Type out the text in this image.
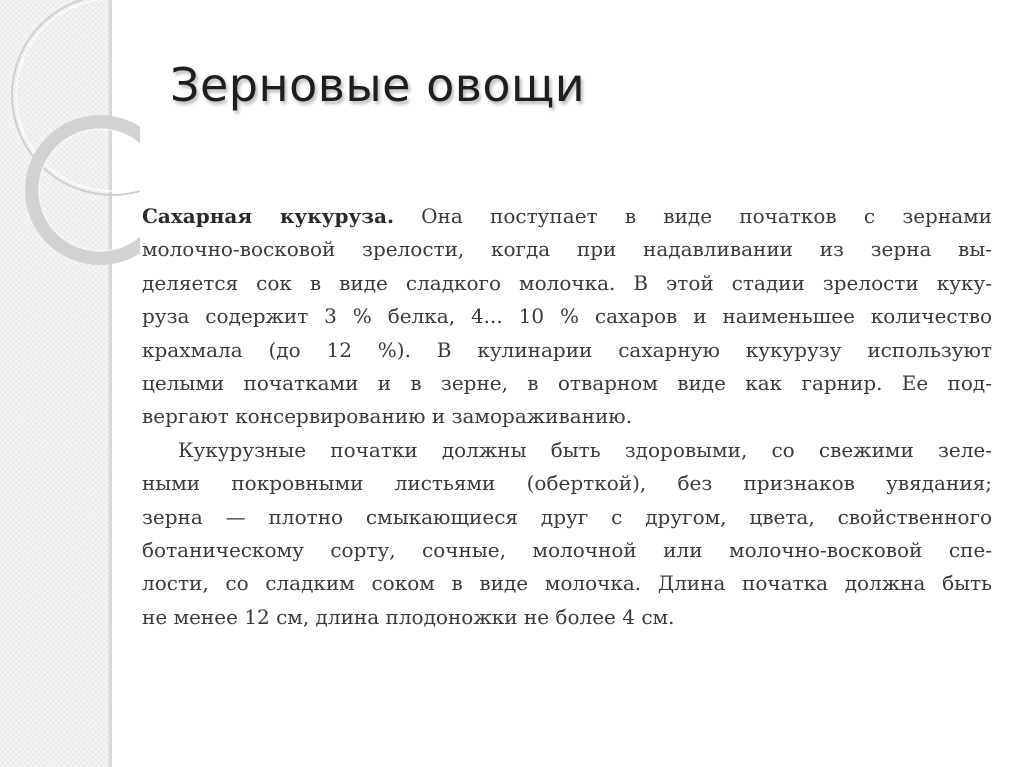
Зерновые овощи
Сахарная кукуруза. Она поступает в виде початков с зернами
молочно-восковой зрелости, когда при надавливании из зерна вы-
деляется сок в виде сладкого молочка. В этой стадии зрелости куку-
руза содержит 3 % белка, 4... 10 % сахаров и наименьшее количество
крахмала (до 12 %). В кулинарии сахарную кукурузу используют
целыми початками и в зерне, в отварном виде как гарнир. Ее под-
вергают консервированию и замораживанию.
Кукурузные початки должны быть здоровыми, со свежими зеле-
ными покровными листьями (оберткой), без признаков увядания;
зерна — плотно смыкающиеся друг с другом, цвета, свойственного
ботаническому сорту, сочные, молочной или молочно-восковой спе-
лости, со сладким соком в виде молочка. Длина початка должна быть
не менее 12 см, длина плодоножки не более 4 см.
